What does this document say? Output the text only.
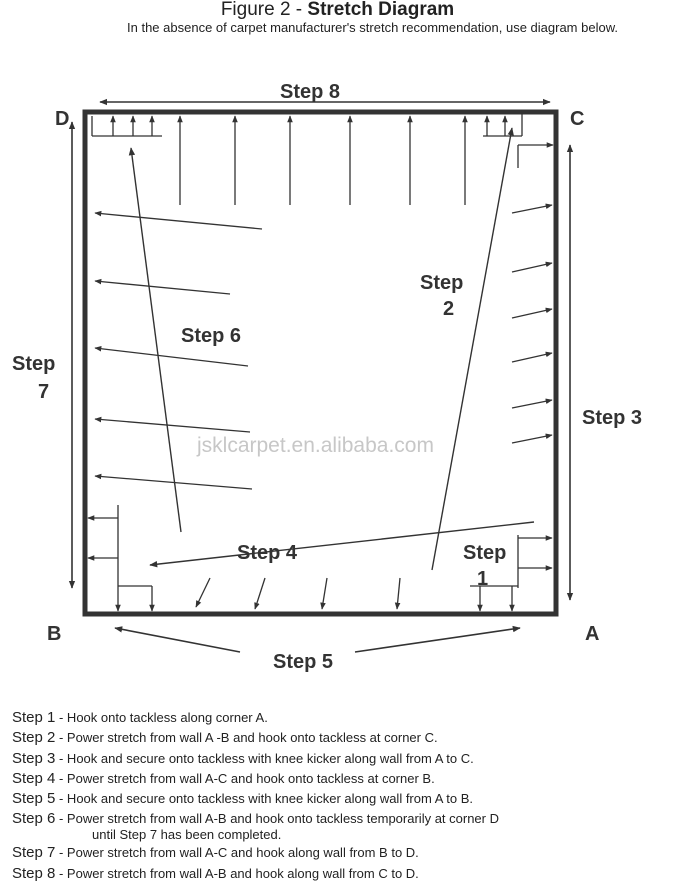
Figure 2 - Stretch Diagram
In the absence of carpet manufacturer's stretch recommendation, use diagram below.
jsklcarpet.en.alibaba.com
D	C
B	A
Step 8
Step
7
Step 6
Step
2
Step 3
Step 4	Step
1
Step 5
Step 1 - Hook onto tackless along corner A.
Step 2 - Power stretch from wall A -B and hook onto tackless at corner C.
Step 3 - Hook and secure onto tackless with knee kicker along wall from A to C.
Step 4 - Power stretch from wall A-C and hook onto tackless at corner B.
Step 5 - Hook and secure onto tackless with knee kicker along wall from A to B.
Step 6 - Power stretch from wall A-B and hook onto tackless temporarily at corner D
until Step 7 has been completed.
Step 7 - Power stretch from wall A-C and hook along wall from B to D.
Step 8 - Power stretch from wall A-B and hook along wall from C to D.
